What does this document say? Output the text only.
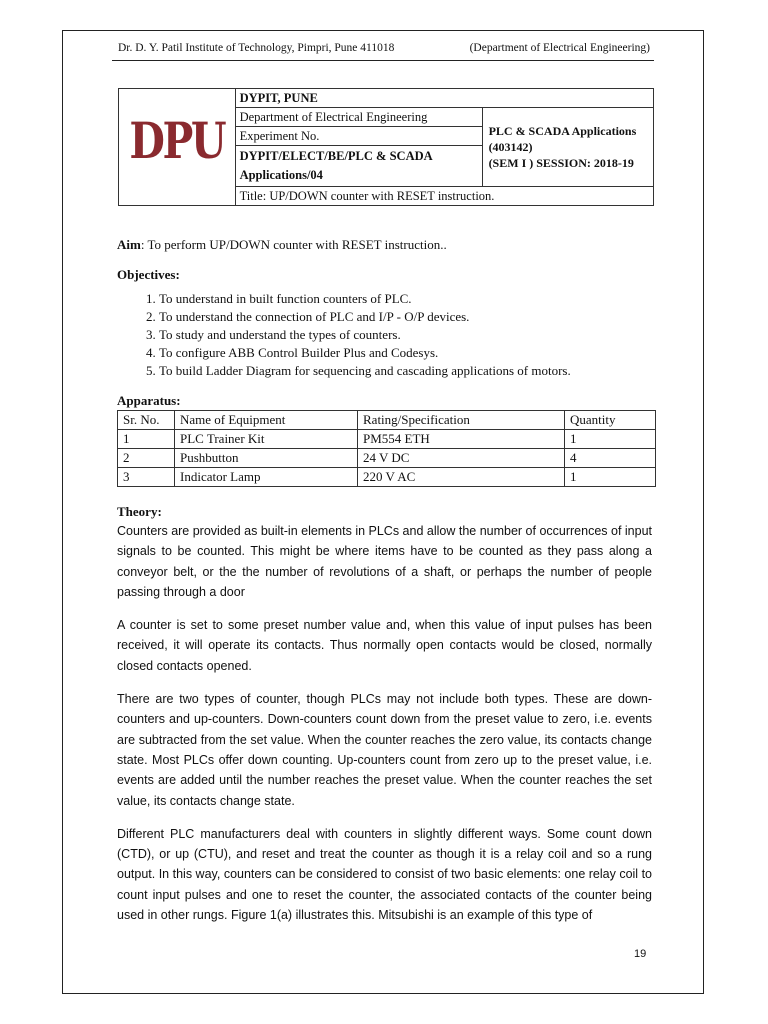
Dr. D. Y. Patil Institute of Technology, Pimpri, Pune 411018	(Department of Electrical Engineering)
DPU	DYPIT, PUNE	
	Department of Electrical Engineering	PLC & SCADA Applications
(403142)
(SEM I ) SESSION: 2018-19

	Experiment No.	
	DYPIT/ELECT/BE/PLC & SCADA Applications/04	
	Title: UP/DOWN counter with RESET instruction.	

Aim: To perform UP/DOWN counter with RESET instruction..

Objectives:

1. To understand in built function counters of PLC.
2. To understand the connection of PLC and I/P - O/P devices.
3. To study and understand the types of counters.
4. To configure ABB Control Builder Plus and Codesys.
5. To build Ladder Diagram for sequencing and cascading applications of motors.

Apparatus:

Sr. No.	Name of Equipment	Rating/Specification	Quantity
1	PLC Trainer Kit	PM554 ETH	1
2	Pushbutton	24 V DC	4
3	Indicator Lamp	220 V AC	1

Theory:

Counters are provided as built-in elements in PLCs and allow the number of occurrences of input signals to be counted. This might be where items have to be counted as they pass along a conveyor belt, or the the number of revolutions of a shaft, or perhaps the number of people passing through a door

A counter is set to some preset number value and, when this value of input pulses has been received, it will operate its contacts. Thus normally open contacts would be closed, normally closed contacts opened.

There are two types of counter, though PLCs may not include both types. These are down-counters and up-counters. Down-counters count down from the preset value to zero, i.e. events are subtracted from the set value. When the counter reaches the zero value, its contacts change state. Most PLCs offer down counting. Up-counters count from zero up to the preset value, i.e. events are added until the number reaches the preset value. When the counter reaches the set value, its contacts change state.

Different PLC manufacturers deal with counters in slightly different ways. Some count down (CTD), or up (CTU), and reset and treat the counter as though it is a relay coil and so a rung output. In this way, counters can be considered to consist of two basic elements: one relay coil to count input pulses and one to reset the counter, the associated contacts of the counter being used in other rungs. Figure 1(a) illustrates this. Mitsubishi is an example of this type of

19
